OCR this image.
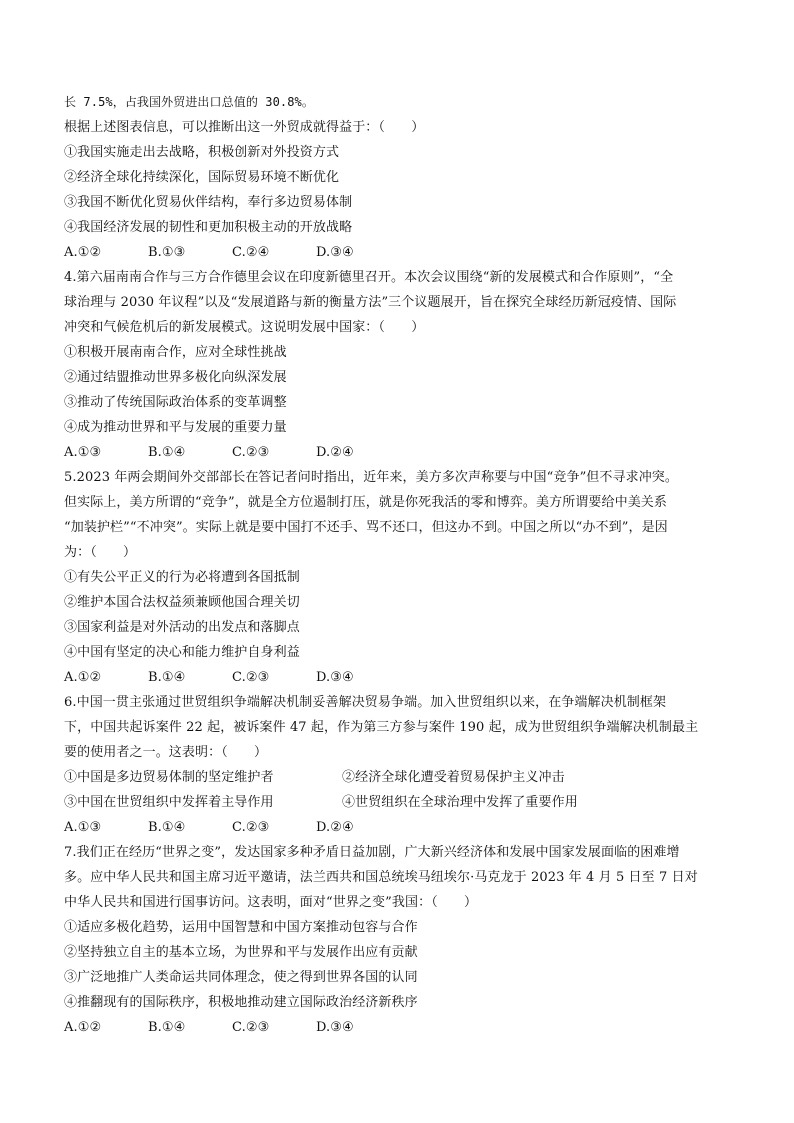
长 7.5%，占我国外贸进出口总值的 30.8%。
根据上述图表信息，可以推断出这一外贸成就得益于：（　　）
①我国实施走出去战略，积极创新对外投资方式
②经济全球化持续深化，国际贸易环境不断优化
③我国不断优化贸易伙伴结构，奉行多边贸易体制
④我国经济发展的韧性和更加积极主动的开放战略
A.①②	B.①③	C.②④	D.③④
4.第六届南南合作与三方合作德里会议在印度新德里召开。本次会议围绕“新的发展模式和合作原则”，“全
球治理与 2030 年议程”以及“发展道路与新的衡量方法”三个议题展开，旨在探究全球经历新冠疫情、国际
冲突和气候危机后的新发展模式。这说明发展中国家：（　　）
①积极开展南南合作，应对全球性挑战
②通过结盟推动世界多极化向纵深发展
③推动了传统国际政治体系的变革调整
④成为推动世界和平与发展的重要力量
A.①③	B.①④	C.②③	D.②④
5.2023 年两会期间外交部部长在答记者问时指出，近年来，美方多次声称要与中国“竞争”但不寻求冲突。
但实际上，美方所谓的“竞争”，就是全方位遏制打压，就是你死我活的零和博弈。美方所谓要给中美关系
“加装护栏”“不冲突”。实际上就是要中国打不还手、骂不还口，但这办不到。中国之所以“办不到”，是因
为：（　　）
①有失公平正义的行为必将遭到各国抵制
②维护本国合法权益须兼顾他国合理关切
③国家利益是对外活动的出发点和落脚点
④中国有坚定的决心和能力维护自身利益
A.①②	B.①④	C.②③	D.③④
6.中国一贯主张通过世贸组织争端解决机制妥善解决贸易争端。加入世贸组织以来，在争端解决机制框架
下，中国共起诉案件 22 起，被诉案件 47 起，作为第三方参与案件 190 起，成为世贸组织争端解决机制最主
要的使用者之一。这表明：（　　）
①中国是多边贸易体制的坚定维护者	②经济全球化遭受着贸易保护主义冲击
③中国在世贸组织中发挥着主导作用	④世贸组织在全球治理中发挥了重要作用
A.①③	B.①④	C.②③	D.②④
7.我们正在经历“世界之变”，发达国家多种矛盾日益加剧，广大新兴经济体和发展中国家发展面临的困难增
多。应中华人民共和国主席习近平邀请，法兰西共和国总统埃马纽埃尔·马克龙于 2023 年 4 月 5 日至 7 日对
中华人民共和国进行国事访问。这表明，面对“世界之变”我国：（　　）
①适应多极化趋势，运用中国智慧和中国方案推动包容与合作
②坚持独立自主的基本立场，为世界和平与发展作出应有贡献
③广泛地推广人类命运共同体理念，使之得到世界各国的认同
④推翻现有的国际秩序，积极地推动建立国际政治经济新秩序
A.①②	B.①④	C.②③	D.③④
